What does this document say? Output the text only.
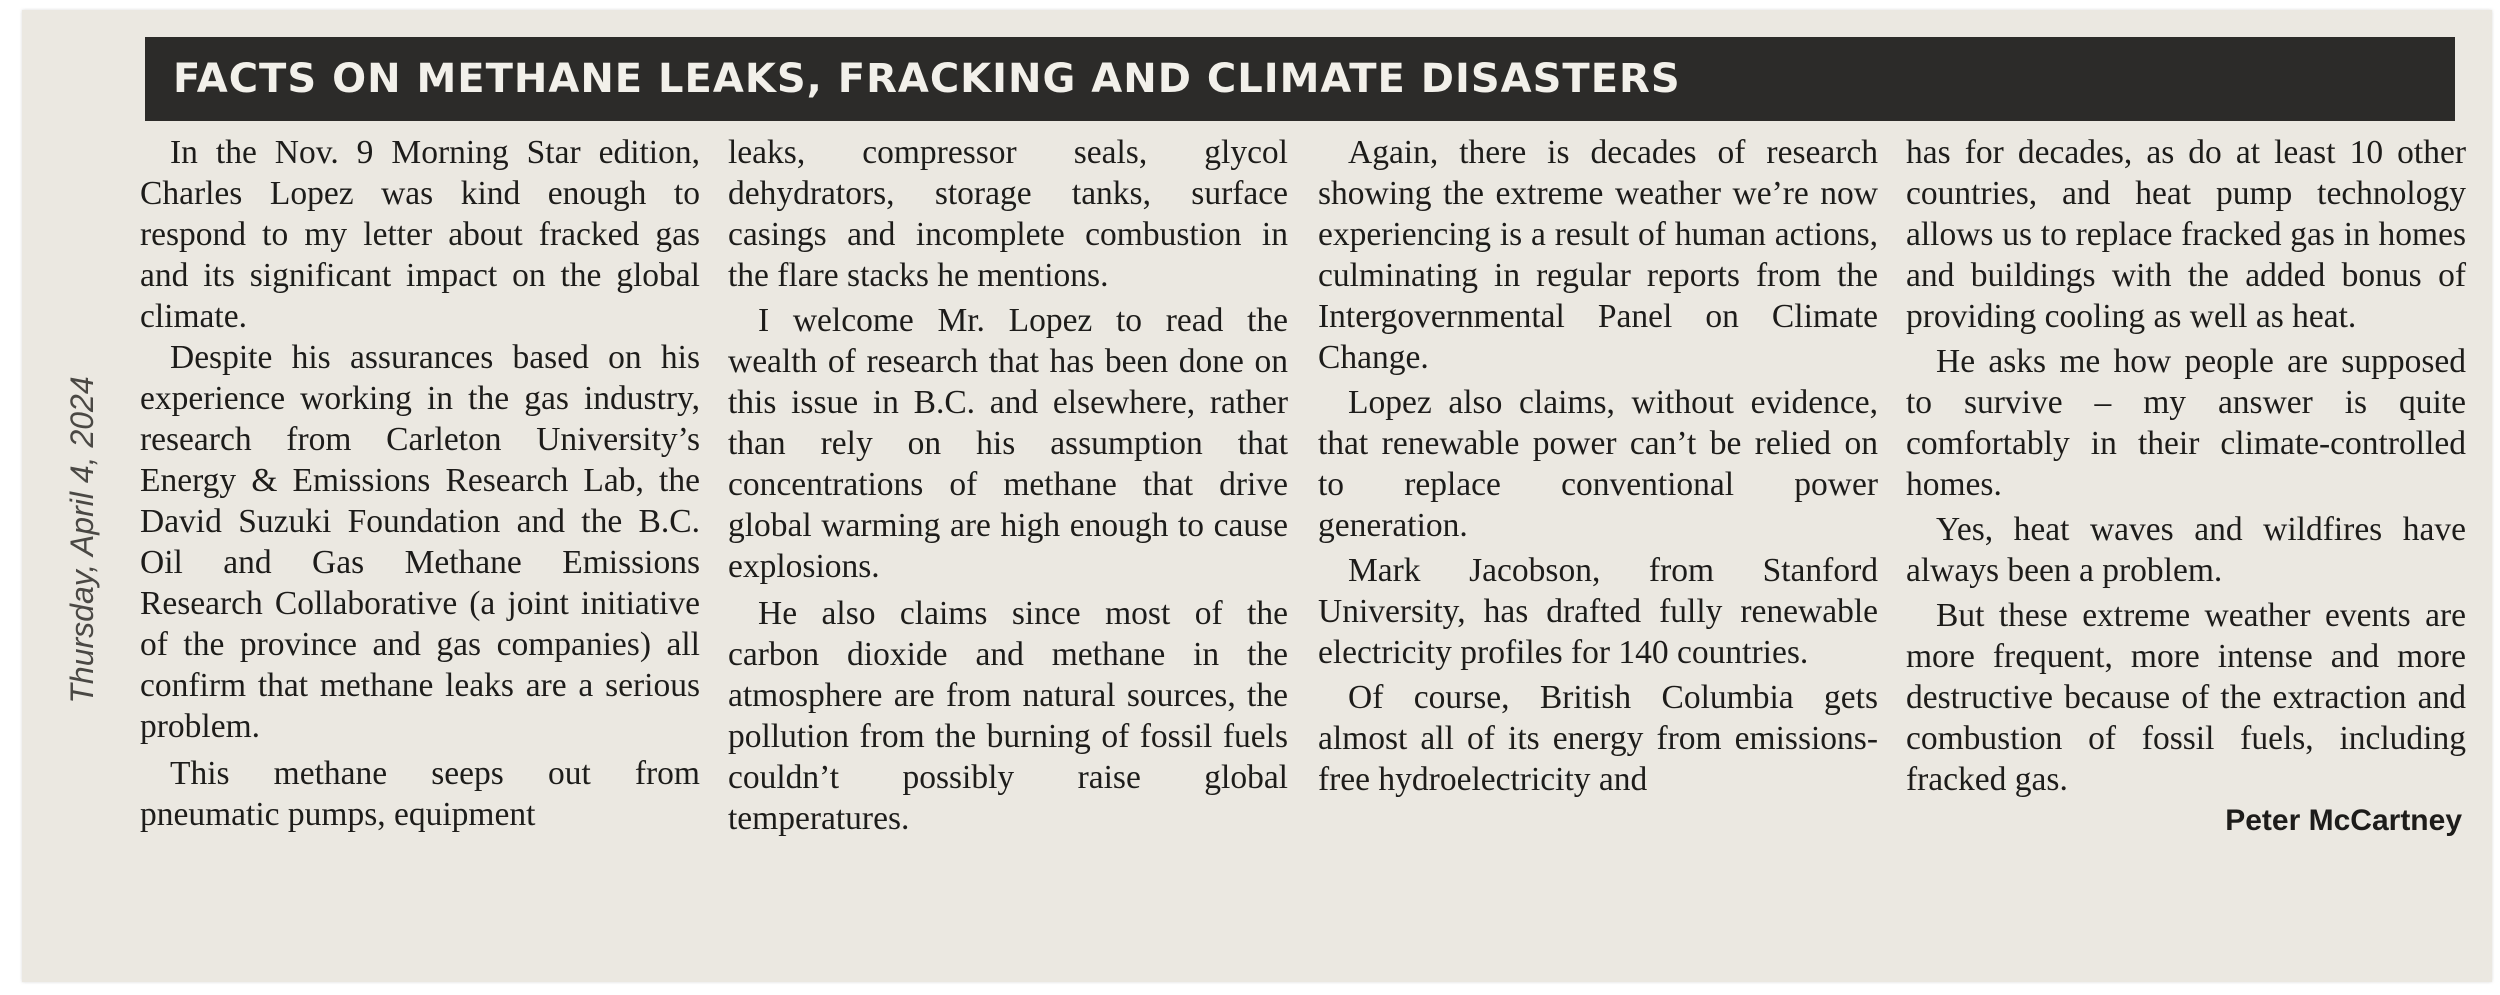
FACTS ON METHANE LEAKS, FRACKING AND CLIMATE DISASTERS
Thursday, April 4, 2024

In the Nov. 9 Morning Star edition, Charles Lopez was kind enough to respond to my letter about fracked gas and its significant impact on the global climate.

Despite his assurances based on his experience working in the gas industry, research from Carleton University’s Energy & Emissions Research Lab, the David Suzuki Foundation and the B.C. Oil and Gas Methane Emissions Research Collaborative (a joint initiative of the province and gas companies) all confirm that methane leaks are a serious problem.

This methane seeps out from pneumatic pumps, equipment

leaks, compressor seals, glycol dehydrators, storage tanks, surface casings and incomplete combustion in the flare stacks he mentions.

I welcome Mr. Lopez to read the wealth of research that has been done on this issue in B.C. and elsewhere, rather than rely on his assumption that concentrations of methane that drive global warming are high enough to cause explosions.

He also claims since most of the carbon dioxide and methane in the atmosphere are from natural sources, the pollution from the burning of fossil fuels couldn’t possibly raise global temperatures.

Again, there is decades of research showing the extreme weather we’re now experiencing is a result of human actions, culminating in regular reports from the Intergovernmental Panel on Climate Change.

Lopez also claims, without evidence, that renewable power can’t be relied on to replace conventional power generation.

Mark Jacobson, from Stanford University, has drafted fully renewable electricity profiles for 140 countries.

Of course, British Columbia gets almost all of its energy from emissions-free hydroelectricity and

has for decades, as do at least 10 other countries, and heat pump technology allows us to replace fracked gas in homes and buildings with the added bonus of providing cooling as well as heat.

He asks me how people are supposed to survive – my answer is quite comfortably in their climate-controlled homes.

Yes, heat waves and wildfires have always been a problem.

But these extreme weather events are more frequent, more intense and more destructive because of the extraction and combustion of fossil fuels, including fracked gas.

Peter McCartney
